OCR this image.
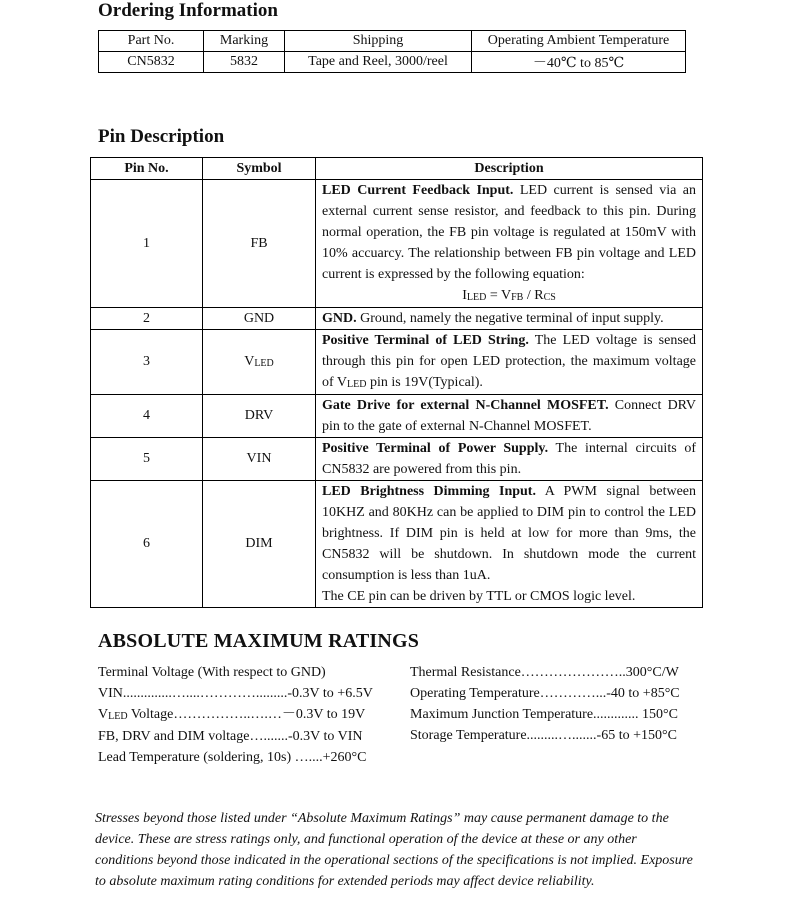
Ordering Information
Part No.	Marking	Shipping	Operating Ambient Temperature
CN5832	5832	Tape and Reel, 3000/reel	－40℃ to 85℃
Pin Description
Pin No.	Symbol	Description
1	FB	LED Current Feedback Input. LED current is sensed via an external current sense resistor, and feedback to this pin. During normal operation, the FB pin voltage is regulated at 150mV with 10% accuarcy. The relationship between FB pin voltage and LED current is expressed by the following equation:
$I_{LED} = V_{FB} / R_{CS}$

2	GND	GND. Ground, namely the negative terminal of input supply.
3	$V_{LED}$	Positive Terminal of LED String. The LED voltage is sensed through this pin for open LED protection, the maximum voltage of $V_{LED}$ pin is 19V(Typical).
4	DRV	Gate Drive for external N-Channel MOSFET. Connect DRV pin to the gate of external N-Channel MOSFET.
5	VIN	Positive Terminal of Power Supply. The internal circuits of CN5832 are powered from this pin.
6	DIM	LED Brightness Dimming Input. A PWM signal between 10KHZ and 80KHz can be applied to DIM pin to control the LED brightness. If DIM pin is held at low for more than 9ms, the CN5832 will be shutdown. In shutdown mode the current consumption is less than 1uA.
The CE pin can be driven by TTL or CMOS logic level.
ABSOLUTE MAXIMUM RATINGS
Terminal Voltage (With respect to GND)
VIN..............…....………….........-0.3V to +6.5V
$V_{LED}$ Voltage……………..….…－0.3V to 19V
FB, DRV and DIM voltage….......-0.3V to VIN
Lead Temperature (soldering, 10s) …....+260°C
Thermal Resistance…………………..300°C/W
Operating Temperature…………...-40 to +85°C
Maximum Junction Temperature............. 150°C
Storage Temperature.........….......-65 to +150°C

Stresses beyond those listed under “Absolute Maximum Ratings” may cause permanent damage to the device. These are stress ratings only, and functional operation of the device at these or any other conditions beyond those indicated in the operational sections of the specifications is not implied. Exposure to absolute maximum rating conditions for extended periods may affect device reliability.
